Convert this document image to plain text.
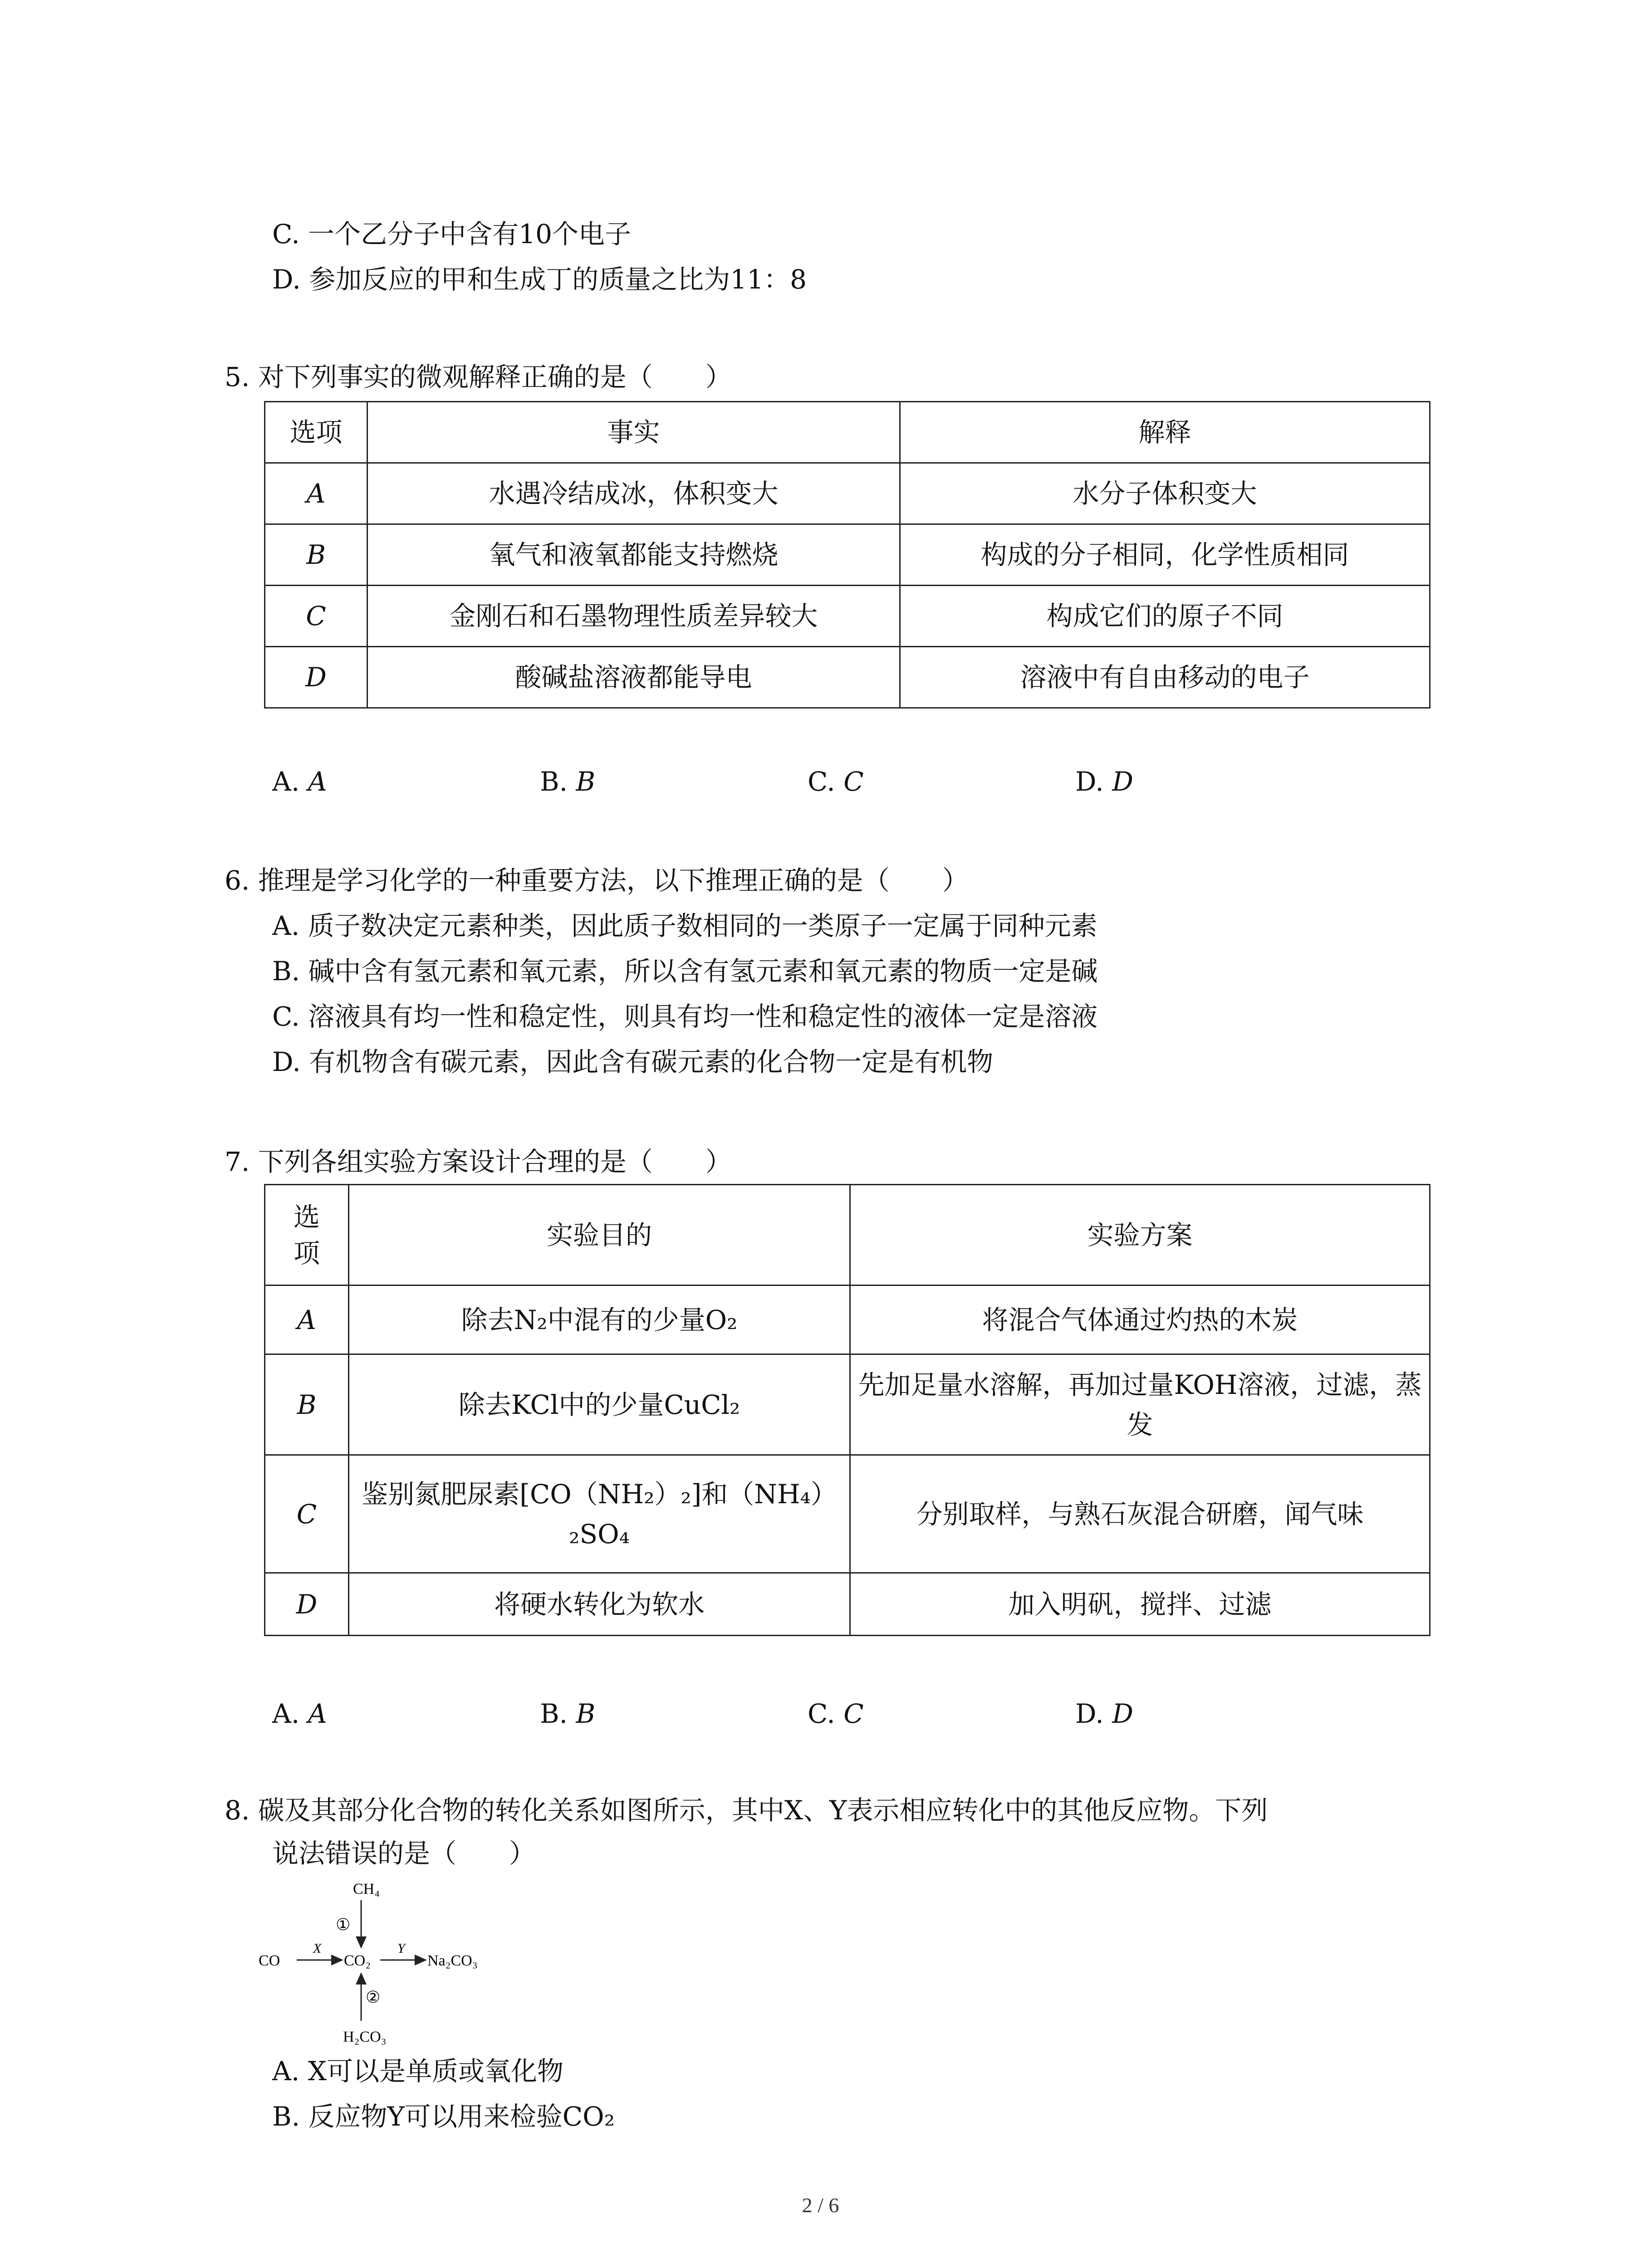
C. 一个乙分子中含有10个电子
D. 参加反应的甲和生成丁的质量之比为11：8
5. 对下列事实的微观解释正确的是（　　）
选项	事实	解释
A	水遇冷结成冰，体积变大	水分子体积变大
B	氧气和液氧都能支持燃烧	构成的分子相同，化学性质相同
C	金刚石和石墨物理性质差异较大	构成它们的原子不同
D	酸碱盐溶液都能导电	溶液中有自由移动的电子
A. A	B. B	C. C	D. D
6. 推理是学习化学的一种重要方法，以下推理正确的是（　　）
A. 质子数决定元素种类，因此质子数相同的一类原子一定属于同种元素
B. 碱中含有氢元素和氧元素，所以含有氢元素和氧元素的物质一定是碱
C. 溶液具有均一性和稳定性，则具有均一性和稳定性的液体一定是溶液
D. 有机物含有碳元素，因此含有碳元素的化合物一定是有机物
7. 下列各组实验方案设计合理的是（　　）
选项	实验目的	实验方案
A	除去N₂中混有的少量O₂	将混合气体通过灼热的木炭
B	除去KCl中的少量CuCl₂	先加足量水溶解，再加过量KOH溶液，过滤，蒸发
C	鉴别氮肥尿素[CO（NH₂）₂]和（NH₄）₂SO₄	分别取样，与熟石灰混合研磨，闻气味
D	将硬水转化为软水	加入明矾，搅拌、过滤
A. A	B. B	C. C	D. D
8. 碳及其部分化合物的转化关系如图所示，其中X、Y表示相应转化中的其他反应物。下列
说法错误的是（　　）
CH₄
①
CO
X
CO₂
Y
Na₂CO₃
②
H₂CO₃
A. X可以是单质或氧化物
B. 反应物Y可以用来检验CO₂
2 / 6
